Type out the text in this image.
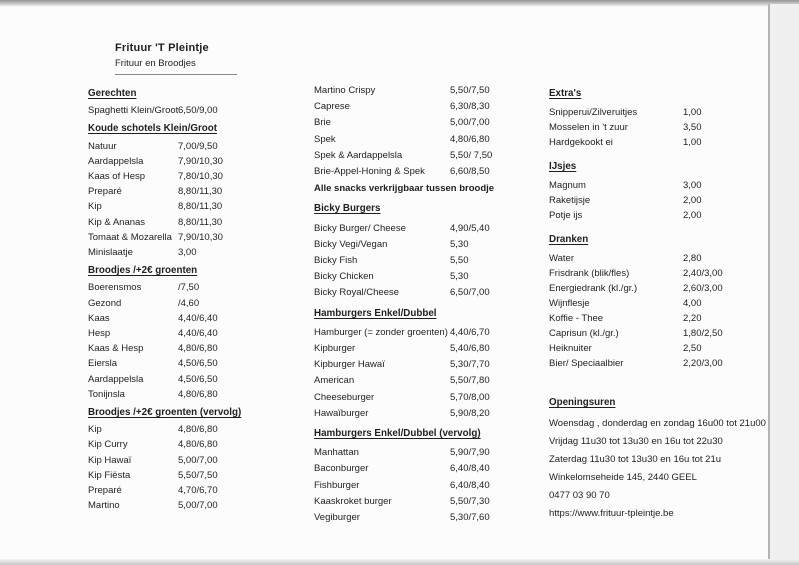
Frituur 'T Pleintje
Frituur en Broodjes
Gerechten
Spaghetti Klein/Groot 6,50/9,00
Koude schotels Klein/Groot
Natuur	7,00/9,50
Aardappelsla	7,90/10,30
Kaas of Hesp	7,80/10,30
Preparé	8,80/11,30
Kip	8,80/11,30
Kip & Ananas	8,80/11,30
Tomaat & Mozarella 7,90/10,30
Minislaatje	3,00
Broodjes /+2€ groenten
Boerensmos	/7,50
Gezond	/4,60
Kaas	4,40/6,40
Hesp	4,40/6,40
Kaas & Hesp	4,80/6,80
Eiersla	4,50/6,50
Aardappelsla	4,50/6,50
Tonijnsla	4,80/6,80
Broodjes /+2€ groenten (vervolg)
Kip	4,80/6,80
Kip Curry	4,80/6,80
Kip Hawaï	5,00/7,00
Kip Fiësta	5,50/7,50
Preparé	4,70/6,70
Martino	5,00/7,00
Martino Crispy	5,50/7,50
Caprese	6,30/8,30
Brie	5,00/7,00
Spek	4,80/6,80
Spek & Aardappelsla	5,50/ 7,50
Brie-Appel-Honing & Spek	6,60/8,50
Alle snacks verkrijgbaar tussen broodje
Bicky Burgers
Bicky Burger/ Cheese	4,90/5,40
Bicky Vegi/Vegan	5,30
Bicky Fish	5,50
Bicky Chicken	5,30
Bicky Royal/Cheese	6,50/7,00
Hamburgers Enkel/Dubbel
Hamburger (= zonder groenten) 4,40/6,70
Kipburger	5,40/6,80
Kipburger Hawaï	5,30/7,70
American	5,50/7,80
Cheeseburger	5,70/8,00
Hawaïburger	5,90/8,20
Hamburgers Enkel/Dubbel (vervolg)
Manhattan	5,90/7,90
Baconburger	6,40/8,40
Fishburger	6,40/8,40
Kaaskroket burger	5,50/7,30
Vegiburger	5,30/7,60
Extra's
Snipperui/Zilveruitjes	1,00
Mosselen in 't zuur	3,50
Hardgekookt ei	1,00
IJsjes
Magnum	3,00
Raketijsje	2,00
Potje ijs	2,00
Dranken
Water	2,80
Frisdrank (blik/fles)	2,40/3,00
Energiedrank (kl./gr.)	2,60/3,00
Wijnflesje	4,00
Koffie - Thee	2,20
Caprisun (kl./gr.)	1,80/2,50
Heiknuiter	2,50
Bier/ Speciaalbier	2,20/3,00
Openingsuren
Woensdag , donderdag en zondag 16u00 tot 21u00
Vrijdag 11u30 tot 13u30 en 16u tot 22u30
Zaterdag 11u30 tot 13u30 en 16u tot 21u
Winkelomseheide 145, 2440 GEEL
0477 03 90 70
https://www.frituur-tpleintje.be
